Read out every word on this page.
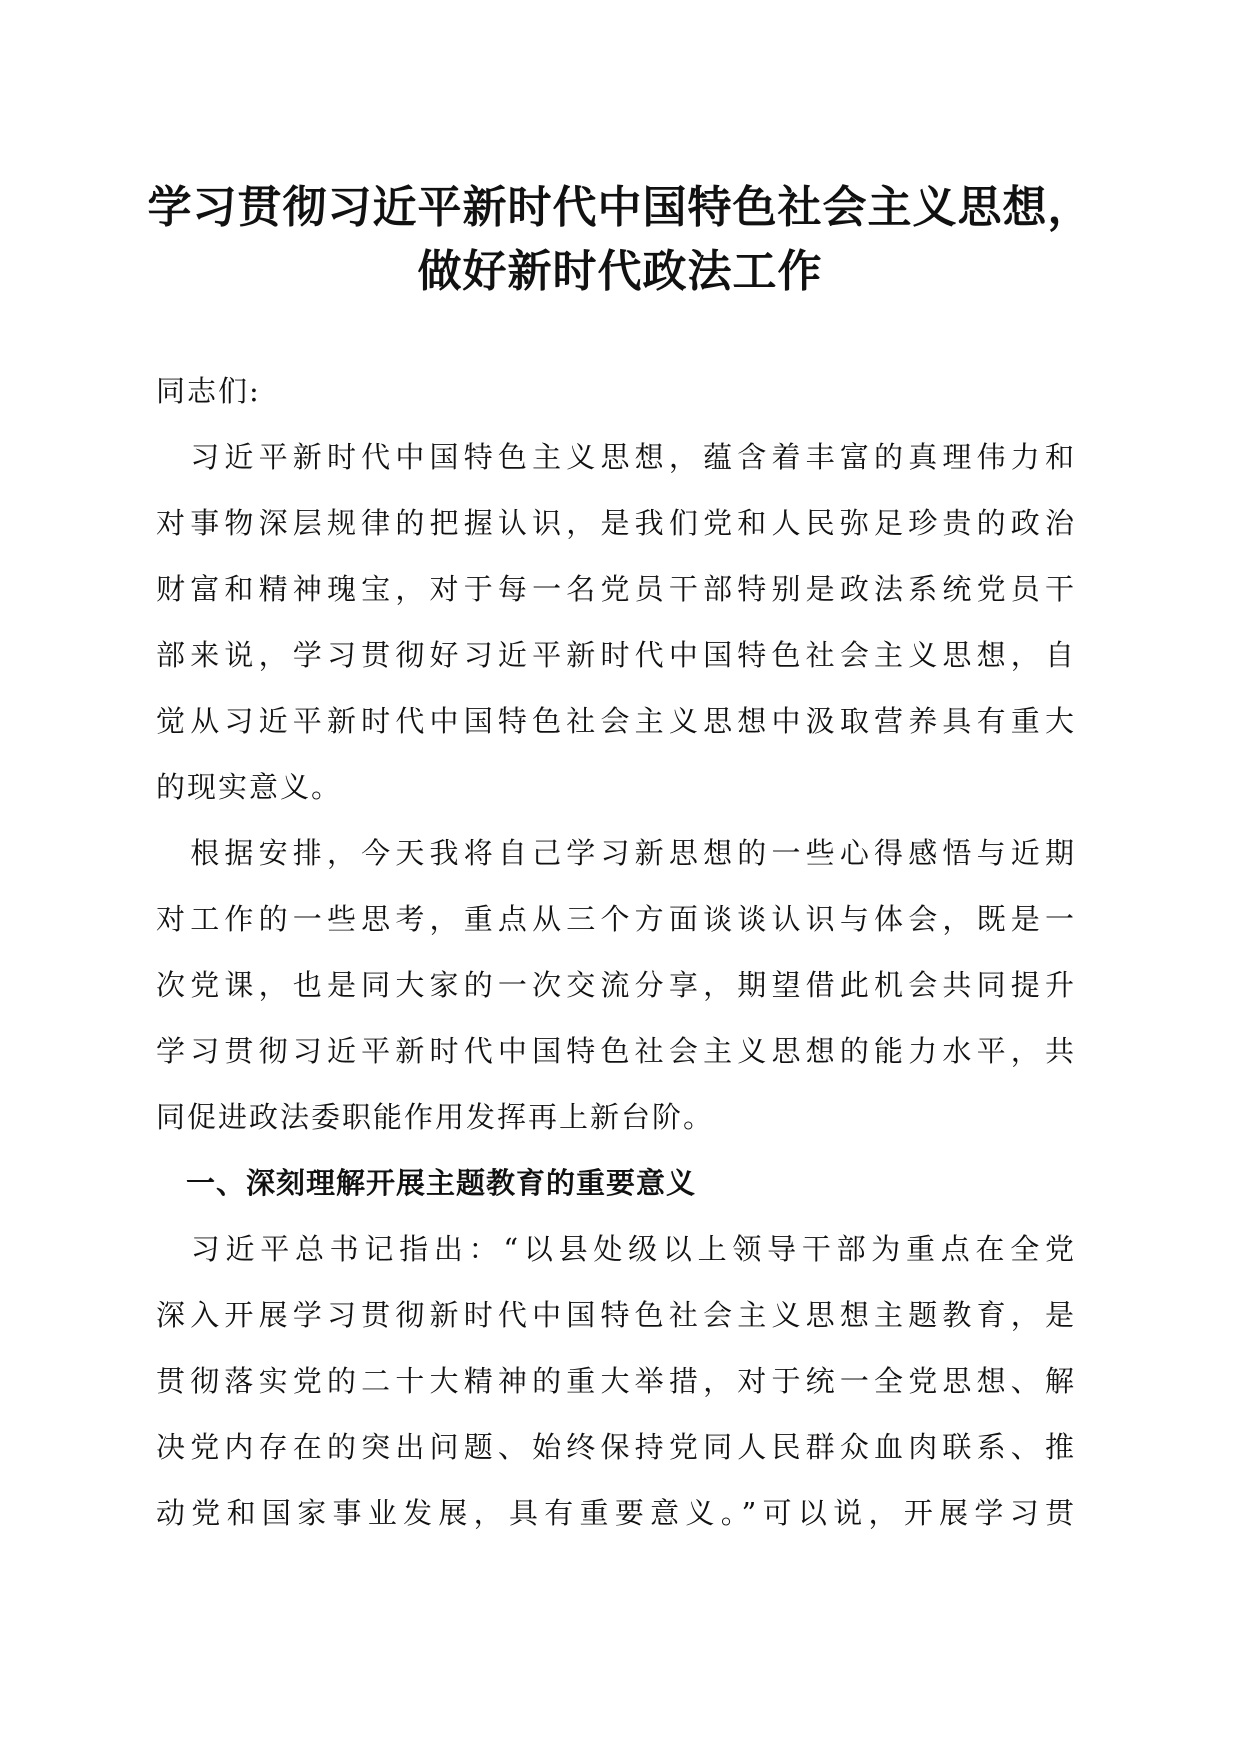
学习贯彻习近平新时代中国特色社会主义思想，
做好新时代政法工作
同志们:
　习近平新时代中国特色主义思想，蕴含着丰富的真理伟力和
对事物深层规律的把握认识，是我们党和人民弥足珍贵的政治
财富和精神瑰宝，对于每一名党员干部特别是政法系统党员干
部来说，学习贯彻好习近平新时代中国特色社会主义思想，自
觉从习近平新时代中国特色社会主义思想中汲取营养具有重大
的现实意义。
　根据安排，今天我将自己学习新思想的一些心得感悟与近期
对工作的一些思考，重点从三个方面谈谈认识与体会，既是一
次党课，也是同大家的一次交流分享，期望借此机会共同提升
学习贯彻习近平新时代中国特色社会主义思想的能力水平，共
同促进政法委职能作用发挥再上新台阶。
　一、深刻理解开展主题教育的重要意义
　习近平总书记指出：“以县处级以上领导干部为重点在全党
深入开展学习贯彻新时代中国特色社会主义思想主题教育，是
贯彻落实党的二十大精神的重大举措，对于统一全党思想、解
决党内存在的突出问题、始终保持党同人民群众血肉联系、推
动党和国家事业发展，具有重要意义。”可以说，开展学习贯
